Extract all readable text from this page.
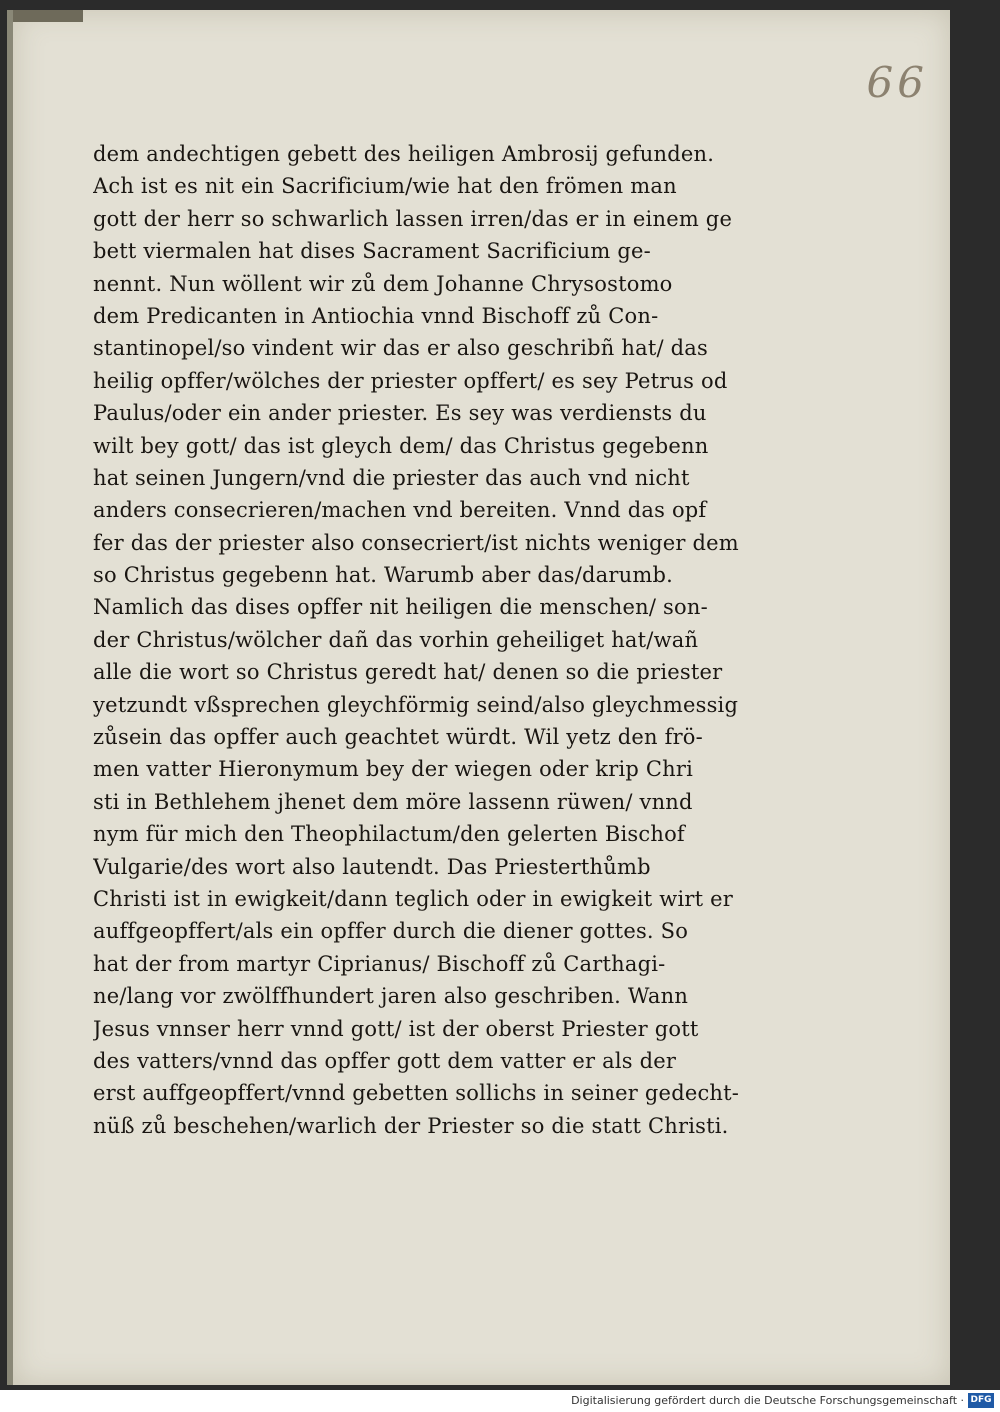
66
dem andechtigen gebett des heiligen Ambrosij gefunden.
Ach ist es nit ein Sacrificium/wie hat den frömen man
gott der herr so schwarlich lassen irren/das er in einem ge
bett viermalen hat dises Sacrament Sacrificium ge-
nennt. Nun wöllent wir zů dem Johanne Chrysostomo
dem Predicanten in Antiochia vnnd Bischoff zů Con-
stantinopel/so vindent wir das er also geschribñ hat/ das
heilig opffer/wölches der priester opffert/ es sey Petrus od
Paulus/oder ein ander priester. Es sey was verdiensts du
wilt bey gott/ das ist gleych dem/ das Christus gegebenn
hat seinen Jungern/vnd die priester das auch vnd nicht
anders consecrieren/machen vnd bereiten. Vnnd das opf
fer das der priester also consecriert/ist nichts weniger dem
so Christus gegebenn hat. Warumb aber das/darumb.
Namlich das dises opffer nit heiligen die menschen/ son-
der Christus/wölcher dañ das vorhin geheiliget hat/wañ
alle die wort so Christus geredt hat/ denen so die priester
yetzundt vßsprechen gleychförmig seind/also gleychmessig
zůsein das opffer auch geachtet würdt. Wil yetz den frö-
men vatter Hieronymum bey der wiegen oder krip Chri
sti in Bethlehem jhenet dem möre lassenn rüwen/ vnnd
nym für mich den Theophilactum/den gelerten Bischof
Vulgarie/des wort also lautendt. Das Priesterthůmb
Christi ist in ewigkeit/dann teglich oder in ewigkeit wirt er
auffgeopffert/als ein opffer durch die diener gottes. So
hat der from martyr Ciprianus/ Bischoff zů Carthagi-
ne/lang vor zwölffhundert jaren also geschriben. Wann
Jesus vnnser herr vnnd gott/ ist der oberst Priester gott
des vatters/vnnd das opffer gott dem vatter er als der
erst auffgeopffert/vnnd gebetten sollichs in seiner gedecht-
nüß zů beschehen/warlich der Priester so die statt Christi.
Digitalisierung gefördert durch die Deutsche Forschungsgemeinschaft · DFG
